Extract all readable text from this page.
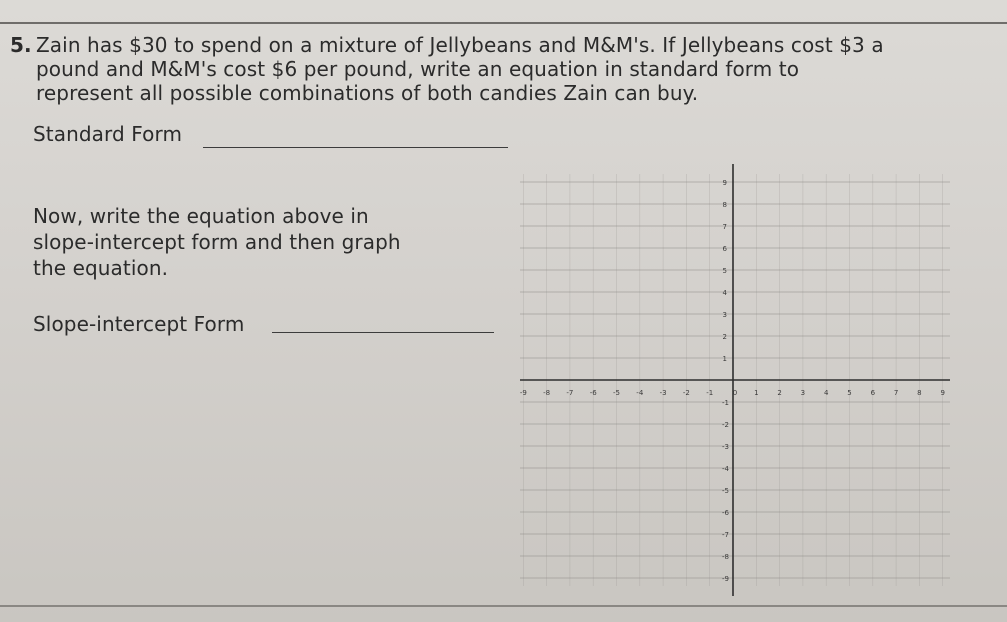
5. Zain has $30 to spend on a mixture of Jellybeans and M&M's. If Jellybeans cost $3 a
pound and M&M's cost $6 per pound, write an equation in standard form to
represent all possible combinations of both candies Zain can buy.
Standard Form
Now, write the equation above in
slope-intercept form and then graph
the equation.
Slope-intercept Form
-9 -8 -7 -6 -5 -4 -3 -2 -1	0 1	2	3	4	5	6	7	8	9
9
8
7
6
5
4
3
2
1
-1
-2
-3
-4
-5
-6
-7
-8
-9
